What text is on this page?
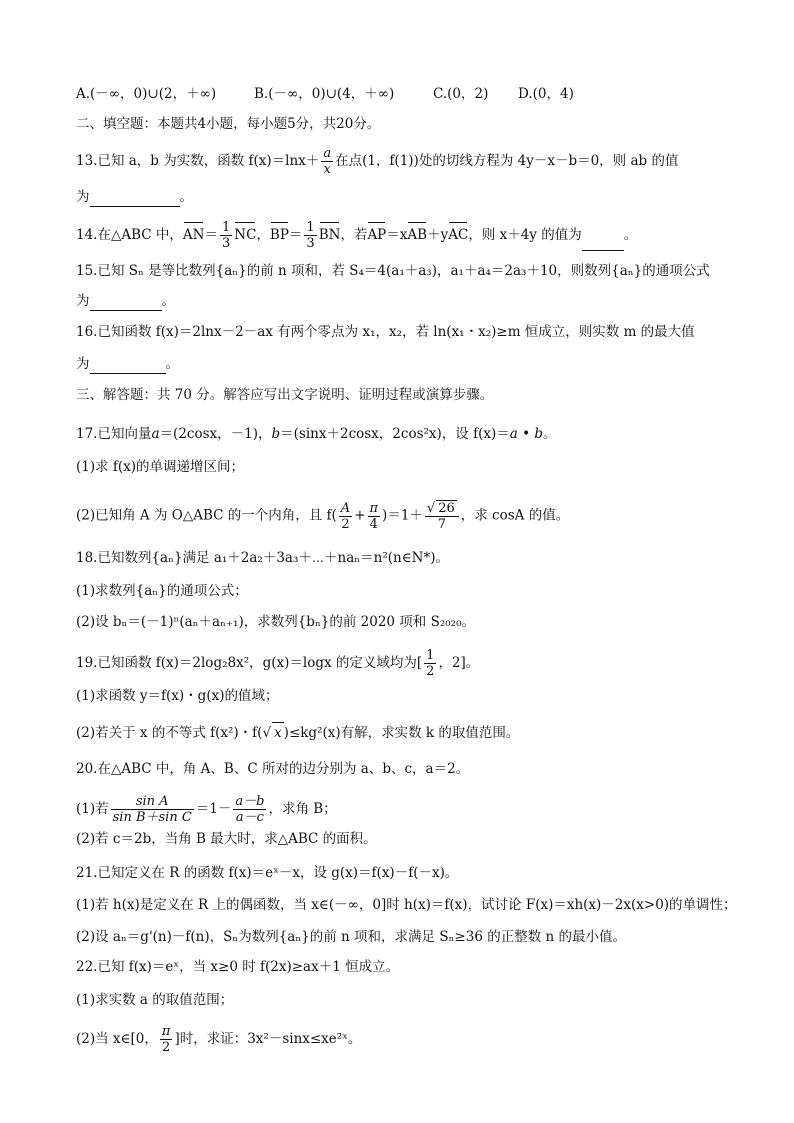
A.(－∞，0)∪(2，＋∞)	B.(－∞，0)∪(4，＋∞)	C.(0，2) D.(0，4)
二、填空题：本题共4小题，每小题5分，共20分。
13.已知 a，b 为实数，函数 $f(x)=\ln x+ \frac{a}{x}$ 在点(1，f(1))处的切线方程为 4y－x－b＝0，则 ab 的值
为	。
14.在△ABC 中，$AN= \frac{1}{3}$ NC，$BP= \frac{1}{3}$ BN，若AP＝xAB＋yAC，则 x＋4y 的值为	。
15.已知 Sₙ 是等比数列{aₙ}的前 n 项和，若 S₄＝4(a₁＋a₃)，a₁＋a₄＝2a₃＋10，则数列{aₙ}的通项公式
为	。
16.已知函数 f(x)＝2lnx－2－ax 有两个零点为 x₁，x₂，若 ln(x₁・x₂)≥m 恒成立，则实数 m 的最大值
为	。
三、解答题：共 70 分。解答应写出文字说明、证明过程或演算步骤。
17.已知向量a＝(2cosx，－1)，b＝(sinx＋2cosx，2cos²x)，设 f(x)＝a • b。
(1)求 f(x)的单调递增区间；
(2)已知角 A 为 O△ABC 的一个内角，且 $f( \frac{A}{2} + \frac{\pi}{4} )=1+ \frac{√ 26}{7}$ ，求 cosA 的值。
18.已知数列{aₙ}满足 a₁＋2a₂＋3a₃＋⋯＋naₙ＝n²(n∈N*)。
(1)求数列{aₙ}的通项公式；
(2)设 bₙ＝(－1)ⁿ(aₙ＋aₙ₊₁)，求数列{bₙ}的前 2020 项和 S₂₀₂₀。
19.已知函数 f(x)＝2log₂8x²，g(x)＝logx 的定义域均为[ $\frac{1}{2}$ ，2]。
(1)求函数 y＝f(x)・g(x)的值域；
(2)若关于 x 的不等式 f(x²)・f(√ x )≤kg²(x)有解，求实数 k 的取值范围。
20.在△ABC 中，角 A、B、C 所对的边分别为 a、b、c，a＝2。
(1)若 $\frac{\text{sin A}}{\text{sin B＋sin C}} =1- \frac{a-b}{a-c}$ ，求角 B；
(2)若 c＝2b，当角 B 最大时，求△ABC 的面积。
21.已知定义在 R 的函数 f(x)＝eˣ－x，设 g(x)＝f(x)－f(－x)。
(1)若 h(x)是定义在 R 上的偶函数，当 x∈(－∞，0]时 h(x)＝f(x)，试讨论 F(x)＝xh(x)－2x(x>0)的单调性；
(2)设 aₙ＝g'(n)－f(n)，Sₙ为数列{aₙ}的前 n 项和，求满足 Sₙ≥36 的正整数 n 的最小值。
22.已知 f(x)＝eˣ，当 x≥0 时 f(2x)≥ax＋1 恒成立。
(1)求实数 a 的取值范围；
(2)当 x∈[0， $\frac{\pi}{2}$ ]时，求证：3x²－sinx≤xe²ˣ。
